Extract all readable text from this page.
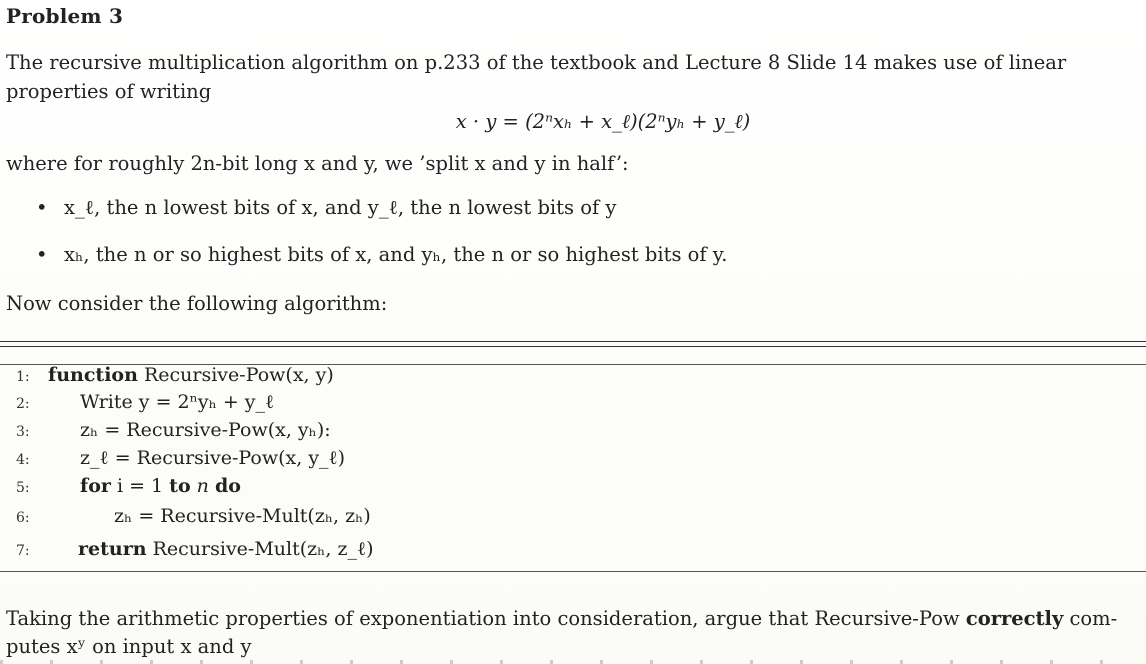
Problem 3
The recursive multiplication algorithm on p.233 of the textbook and Lecture 8 Slide 14 makes use of linear
properties of writing
x · y = (2ⁿxₕ + x_ℓ)(2ⁿyₕ + y_ℓ)
where for roughly 2n-bit long x and y, we ’split x and y in half’:
• x_ℓ, the n lowest bits of x, and y_ℓ, the n lowest bits of y
• xₕ, the n or so highest bits of x, and yₕ, the n or so highest bits of y.
Now consider the following algorithm:
1: function Recursive-Pow(x, y)
2:	Write y = 2ⁿyₕ + y_ℓ
3:	zₕ = Recursive-Pow(x, yₕ):
4:	z_ℓ = Recursive-Pow(x, y_ℓ)
5:	for i = 1 to n do
6:	zₕ = Recursive-Mult(zₕ, zₕ)
7:	return Recursive-Mult(zₕ, z_ℓ)
Taking the arithmetic properties of exponentiation into consideration, argue that Recursive-Pow correctly com-
putes xʸ on input x and y
